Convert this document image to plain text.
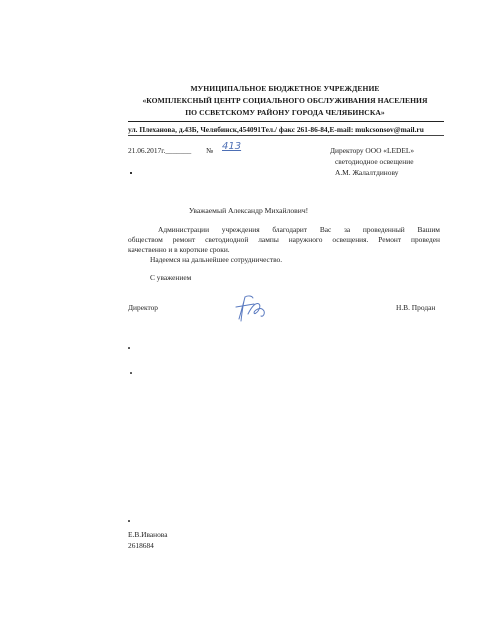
МУНИЦИПАЛЬНОЕ БЮДЖЕТНОЕ УЧРЕЖДЕНИЕ
«КОМПЛЕКСНЫЙ ЦЕНТР СОЦИАЛЬНОГО ОБСЛУЖИВАНИЯ НАСЕЛЕНИЯ
ПО ССВЕТСКОМУ РАЙОНУ ГОРОДА ЧЕЛЯБИНСКА»
ул. Плеханова, д.43Б, Челябинск,454091Тел./ факс 261-86-84,E-mail: mukcsonsov@mail.ru
21.06.2017г._______ № 413	Директору ООО «LEDEL»
светодиодное освещение
А.М. Жалалтдинову
Уважаемый Александр Михайлович!
Администрации учреждения благодарит Вас за проведенный Вашим
обществом ремонт светодиодной лампы наружного освещения. Ремонт проведен
качественно и в короткие сроки.
Надеемся на дальнейшее сотрудничество.
С уважением
Директор	Н.В. Продан
Е.В.Иванова
2618684
